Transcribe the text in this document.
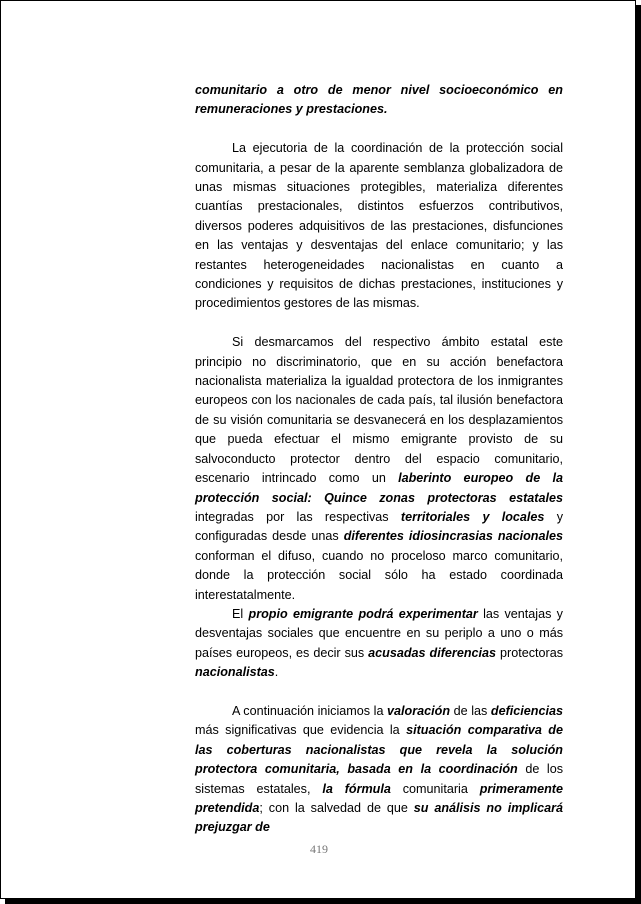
comunitario a otro de menor nivel socioeconómico en remuneraciones y prestaciones.

La ejecutoria de la coordinación de la protección social comunitaria, a pesar de la aparente semblanza globalizadora de unas mismas situaciones protegibles, materializa diferentes cuantías prestacionales, distintos esfuerzos contributivos, diversos poderes adquisitivos de las prestaciones, disfunciones en las ventajas y desventajas del enlace comunitario; y las restantes heterogeneidades nacionalistas en cuanto a condiciones y requisitos de dichas prestaciones, instituciones y procedimientos gestores de las mismas.

Si desmarcamos del respectivo ámbito estatal este principio no discriminatorio, que en su acción benefactora nacionalista materializa la igualdad protectora de los inmigrantes europeos con los nacionales de cada país, tal ilusión benefactora de su visión comunitaria se desvanecerá en los desplazamientos que pueda efectuar el mismo emigrante provisto de su salvoconducto protector dentro del espacio comunitario, escenario intrincado como un laberinto europeo de la protección social: Quince zonas protectoras estatales integradas por las respectivas territoriales y locales y configuradas desde unas diferentes idiosincrasias nacionales conforman el difuso, cuando no proceloso marco comunitario, donde la protección social sólo ha estado coordinada interestatalmente.

El propio emigrante podrá experimentar las ventajas y desventajas sociales que encuentre en su periplo a uno o más países europeos, es decir sus acusadas diferencias protectoras nacionalistas.

A continuación iniciamos la valoración de las deficiencias más significativas que evidencia la situación comparativa de las coberturas nacionalistas que revela la solución protectora comunitaria, basada en la coordinación de los sistemas estatales, la fórmula comunitaria primeramente pretendida; con la salvedad de que su análisis no implicará prejuzgar de

419
